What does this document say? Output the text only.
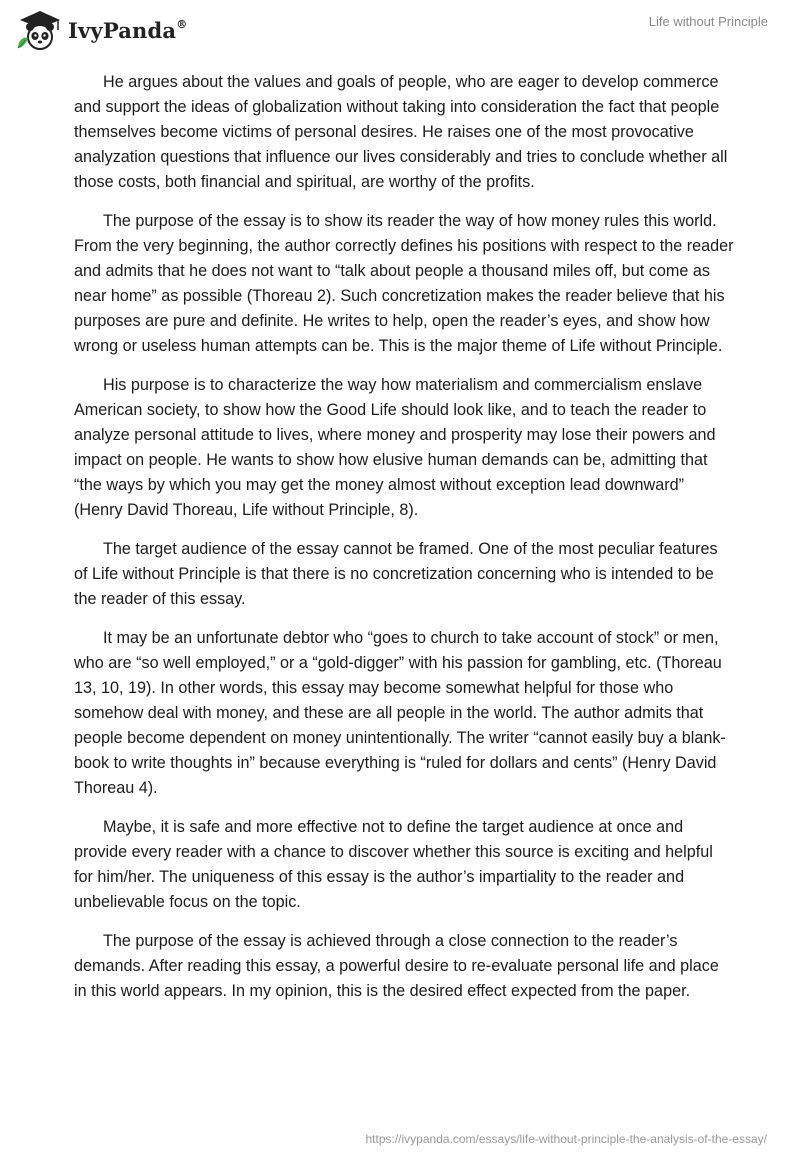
IvyPanda®	Life without Principle

He argues about the values and goals of people, who are eager to develop commerce and support the ideas of globalization without taking into consideration the fact that people themselves become victims of personal desires. He raises one of the most provocative analyzation questions that influence our lives considerably and tries to conclude whether all those costs, both financial and spiritual, are worthy of the profits.

The purpose of the essay is to show its reader the way of how money rules this world. From the very beginning, the author correctly defines his positions with respect to the reader and admits that he does not want to “talk about people a thousand miles off, but come as near home” as possible (Thoreau 2). Such concretization makes the reader believe that his purposes are pure and definite. He writes to help, open the reader’s eyes, and show how wrong or useless human attempts can be. This is the major theme of Life without Principle.

His purpose is to characterize the way how materialism and commercialism enslave American society, to show how the Good Life should look like, and to teach the reader to analyze personal attitude to lives, where money and prosperity may lose their powers and impact on people. He wants to show how elusive human demands can be, admitting that “the ways by which you may get the money almost without exception lead downward” (Henry David Thoreau, Life without Principle, 8).

The target audience of the essay cannot be framed. One of the most peculiar features of Life without Principle is that there is no concretization concerning who is intended to be the reader of this essay.

It may be an unfortunate debtor who “goes to church to take account of stock” or men, who are “so well employed,” or a “gold-digger” with his passion for gambling, etc. (Thoreau 13, 10, 19). In other words, this essay may become somewhat helpful for those who somehow deal with money, and these are all people in the world. The author admits that people become dependent on money unintentionally. The writer “cannot easily buy a blank-book to write thoughts in” because everything is “ruled for dollars and cents” (Henry David Thoreau 4).

Maybe, it is safe and more effective not to define the target audience at once and provide every reader with a chance to discover whether this source is exciting and helpful for him/her. The uniqueness of this essay is the author’s impartiality to the reader and unbelievable focus on the topic.

The purpose of the essay is achieved through a close connection to the reader’s demands. After reading this essay, a powerful desire to re-evaluate personal life and place in this world appears. In my opinion, this is the desired effect expected from the paper.

https://ivypanda.com/essays/life-without-principle-the-analysis-of-the-essay/
